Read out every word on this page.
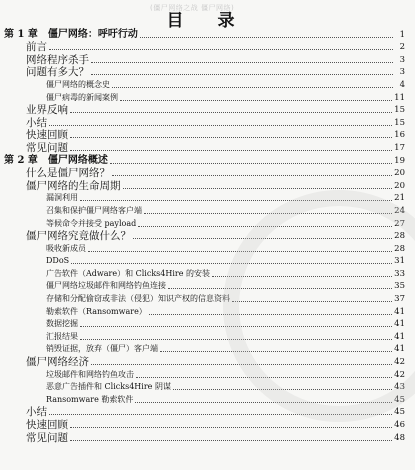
(僵尸网络之战 僵尸网络)
目 录
第 1 章　僵尸网络：呼吁行动	1
前言	2
网络程序杀手	3
问题有多大？	3
僵尸网络的概念史	4
僵尸病毒的新闻案例	11
业界反响	15
小结	15
快速回顾	16
常见问题	17
第 2 章　僵尸网络概述	19
什么是僵尸网络？	20
僵尸网络的生命周期	20
漏洞利用	21
召集和保护僵尸网络客户端	24
等候命令并接受 payload	27
僵尸网络究竟做什么？	28
吸收新成员	28
DDoS	31
广告软件（Adware）和 Clicks4Hire 的安装	33
僵尸网络垃圾邮件和网络钓鱼连接	35
存储和分配偷窃或非法（侵犯）知识产权的信息资料	37
勒索软件（Ransomware）	41
数据挖掘	41
汇报结果	41
销毁证据，放弃（僵尸）客户端	41
僵尸网络经济	42
垃圾邮件和网络钓鱼攻击	42
恶意广告插件和 Clicks4Hire 阴谋	43
Ransomware 勒索软件	45
小结	45
快速回顾	46
常见问题	48
